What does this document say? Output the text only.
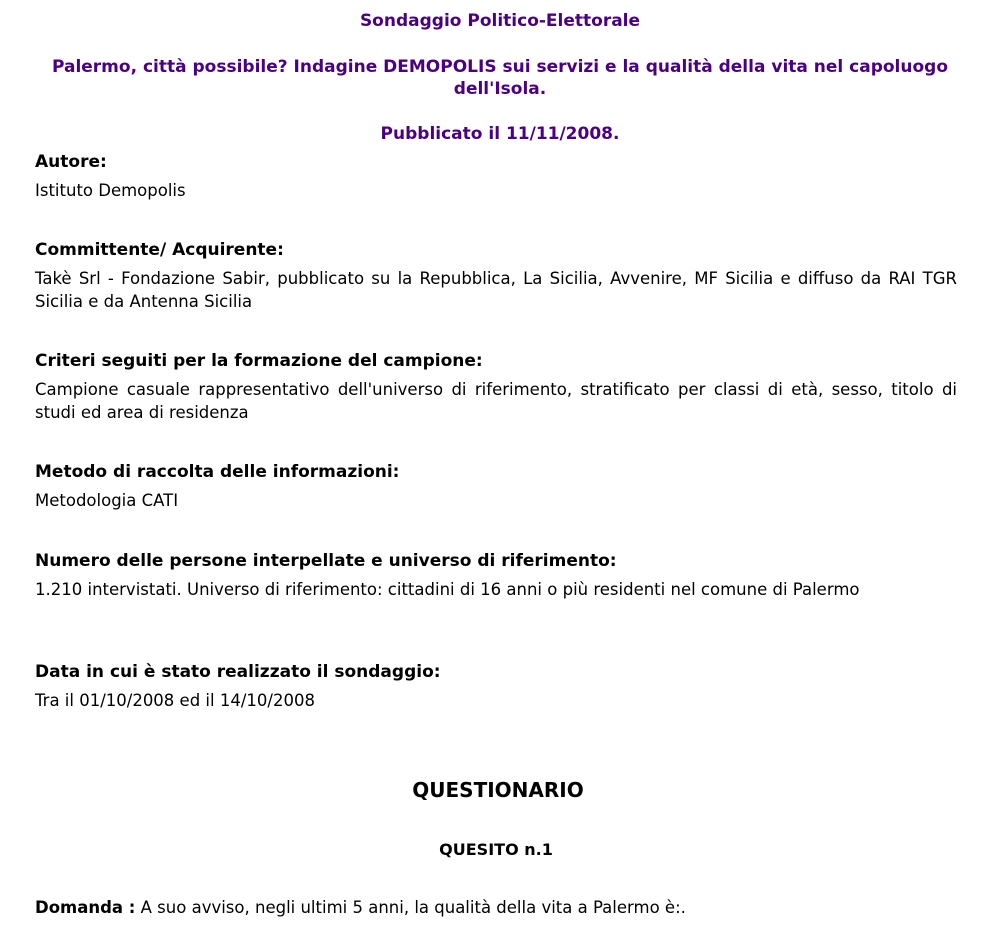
Sondaggio Politico-Elettorale
Palermo, città possibile? Indagine DEMOPOLIS sui servizi e la qualità della vita nel capoluogo dell'Isola.
Pubblicato il 11/11/2008.

Autore:

Istituto Demopolis

Committente/ Acquirente:

Takè Srl - Fondazione Sabir, pubblicato su la Repubblica, La Sicilia, Avvenire, MF Sicilia e diffuso da RAI TGR Sicilia e da Antenna Sicilia

Criteri seguiti per la formazione del campione:

Campione casuale rappresentativo dell'universo di riferimento, stratificato per classi di età, sesso, titolo di studi ed area di residenza

Metodo di raccolta delle informazioni:

Metodologia CATI

Numero delle persone interpellate e universo di riferimento:

1.210 intervistati. Universo di riferimento: cittadini di 16 anni o più residenti nel comune di Palermo

Data in cui è stato realizzato il sondaggio:

Tra il 01/10/2008 ed il 14/10/2008

QUESTIONARIO
QUESITO n.1
Domanda : A suo avviso, negli ultimi 5 anni, la qualità della vita a Palermo è:.
